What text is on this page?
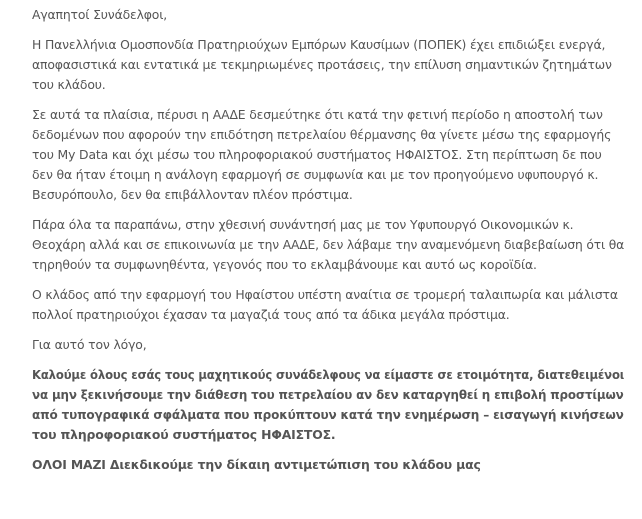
Αγαπητοί Συνάδελφοι,
Η Πανελλήνια Ομοσπονδία Πρατηριούχων Εμπόρων Καυσίμων (ΠΟΠΕΚ) έχει επιδιώξει ενεργά,
αποφασιστικά και εντατικά με τεκμηριωμένες προτάσεις, την επίλυση σημαντικών ζητημάτων
του κλάδου.
Σε αυτά τα πλαίσια, πέρυσι η ΑΑΔΕ δεσμεύτηκε ότι κατά την φετινή περίοδο η αποστολή των
δεδομένων που αφορούν την επιδότηση πετρελαίου θέρμανσης θα γίνετε μέσω της εφαρμογής
του My Data και όχι μέσω του πληροφοριακού συστήματος ΗΦΑΙΣΤΟΣ. Στη περίπτωση δε που
δεν θα ήταν έτοιμη η ανάλογη εφαρμογή σε συμφωνία και με τον προηγούμενο υφυπουργό κ.
Βεσυρόπουλο, δεν θα επιβάλλονταν πλέον πρόστιμα.
Πάρα όλα τα παραπάνω, στην χθεσινή συνάντησή μας με τον Υφυπουργό Οικονομικών κ.
Θεοχάρη αλλά και σε επικοινωνία με την ΑΑΔΕ, δεν λάβαμε την αναμενόμενη διαβεβαίωση ότι θα
τηρηθούν τα συμφωνηθέντα, γεγονός που το εκλαμβάνουμε και αυτό ως κοροϊδία.
Ο κλάδος από την εφαρμογή του Ηφαίστου υπέστη αναίτια σε τρομερή ταλαιπωρία και μάλιστα
πολλοί πρατηριούχοι έχασαν τα μαγαζιά τους από τα άδικα μεγάλα πρόστιμα.
Για αυτό τον λόγο,
Καλούμε όλους εσάς τους μαχητικούς συνάδελφους να είμαστε σε ετοιμότητα, διατεθειμένοι
να μην ξεκινήσουμε την διάθεση του πετρελαίου αν δεν καταργηθεί η επιβολή προστίμων
από τυπογραφικά σφάλματα που προκύπτουν κατά την ενημέρωση – εισαγωγή κινήσεων
του πληροφοριακού συστήματος ΗΦΑΙΣΤΟΣ.
ΟΛΟΙ ΜΑΖΙ Διεκδικούμε την δίκαιη αντιμετώπιση του κλάδου μας
